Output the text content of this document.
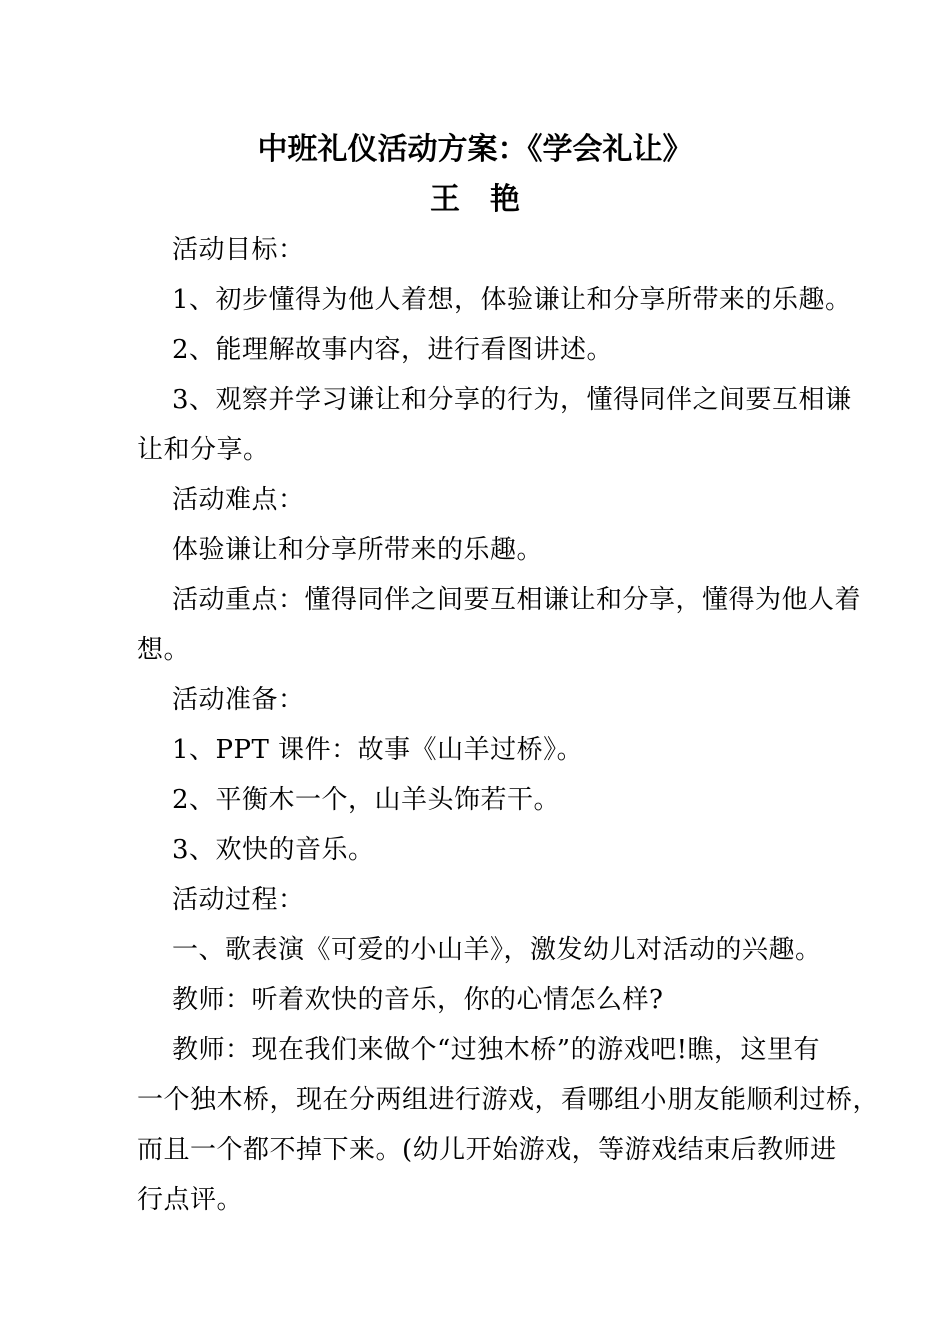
中班礼仪活动方案：《学会礼让》
王　艳
活动目标：
1、初步懂得为他人着想，体验谦让和分享所带来的乐趣。
2、能理解故事内容，进行看图讲述。
3、观察并学习谦让和分享的行为，懂得同伴之间要互相谦
让和分享。
活动难点：
体验谦让和分享所带来的乐趣。
活动重点：懂得同伴之间要互相谦让和分享，懂得为他人着
想。
活动准备：
1、PPT 课件：故事《山羊过桥》。
2、平衡木一个，山羊头饰若干。
3、欢快的音乐。
活动过程：
一、歌表演《可爱的小山羊》，激发幼儿对活动的兴趣。
教师：听着欢快的音乐，你的心情怎么样?
教师：现在我们来做个“过独木桥”的游戏吧!瞧，这里有
一个独木桥，现在分两组进行游戏，看哪组小朋友能顺利过桥，
而且一个都不掉下来。(幼儿开始游戏，等游戏结束后教师进
行点评。
